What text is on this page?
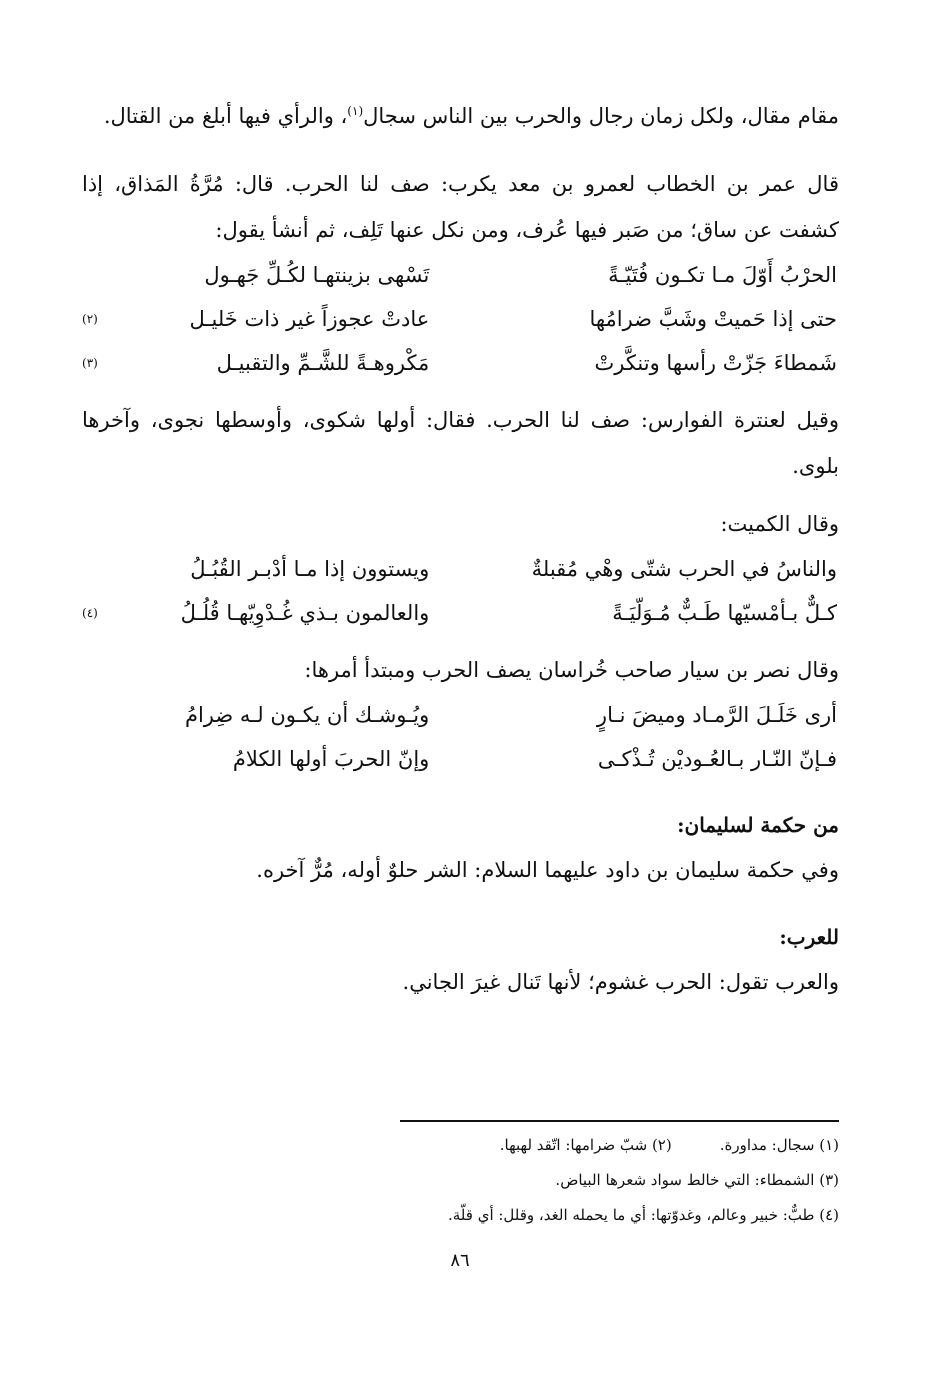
مقام مقال، ولكل زمان رجال والحرب بين الناس سجال$^{(١)}$، والرأي فيها أبلغ من القتال.

قال عمر بن الخطاب لعمرو بن معد يكرب: صف لنا الحرب. قال: مُرَّةُ المَذاق، إذا كشفت عن ساق؛ من صَبر فيها عُرف، ومن نكل عنها تَلِف، ثم أنشأ يقول:

الحرْبُ أَوّلَ مـا تكـون فُتَيّـةً
تَسْهى بزينتهـا لكُـلِّ جَهـول
حتى إذا حَميتْ وشَبَّ ضرامُها
عادتْ عجوزاً غير ذات خَليـل
(٢)
شَمطاءَ جَزّتْ رأسها وتنكَّرتْ
مَكْروهـةً للشَّـمِّ والتقبيـل
(٣)

وقيل لعنترة الفوارس: صف لنا الحرب. فقال: أولها شكوى، وأوسطها نجوى، وآخرها بلوى.

وقال الكميت:

والناسُ في الحرب شتّى وهْي مُقبلةٌ
ويستوون إذا مـا أدْبـر القُبُـلُ
كـلٌّ بـأمْسيّها طَـبٌّ مُـوَلّيَـةً
والعالمون بـذي غُـدْوِيّهـا قُلُـلُ
(٤)

وقال نصر بن سيار صاحب خُراسان يصف الحرب ومبتدأ أمرها:

أرى خَلَـلَ الرَّمـاد وميضَ نـارٍ
ويُـوشـك أن يكـون لـه ضِرامُ
فـإنّ النّـار بـالعُـوديْن تُـذْكـى
وإنّ الحربَ أولها الكلامُ

من حكمة لسليمان:

وفي حكمة سليمان بن داود عليهما السلام: الشر حلوٌ أوله، مُرٌّ آخره.

للعرب:

والعرب تقول: الحرب غشوم؛ لأنها تَنال غيرَ الجاني.

(١) سجال: مداورة.
(٢) شبّ ضرامها: اتّقد لهبها.
(٣) الشمطاء: التي خالط سواد شعرها البياض.
(٤) طبٌّ: خبير وعالم، وغدوّتها: أي ما يحمله الغد، وقلل: أي قلّة.
٨٦
